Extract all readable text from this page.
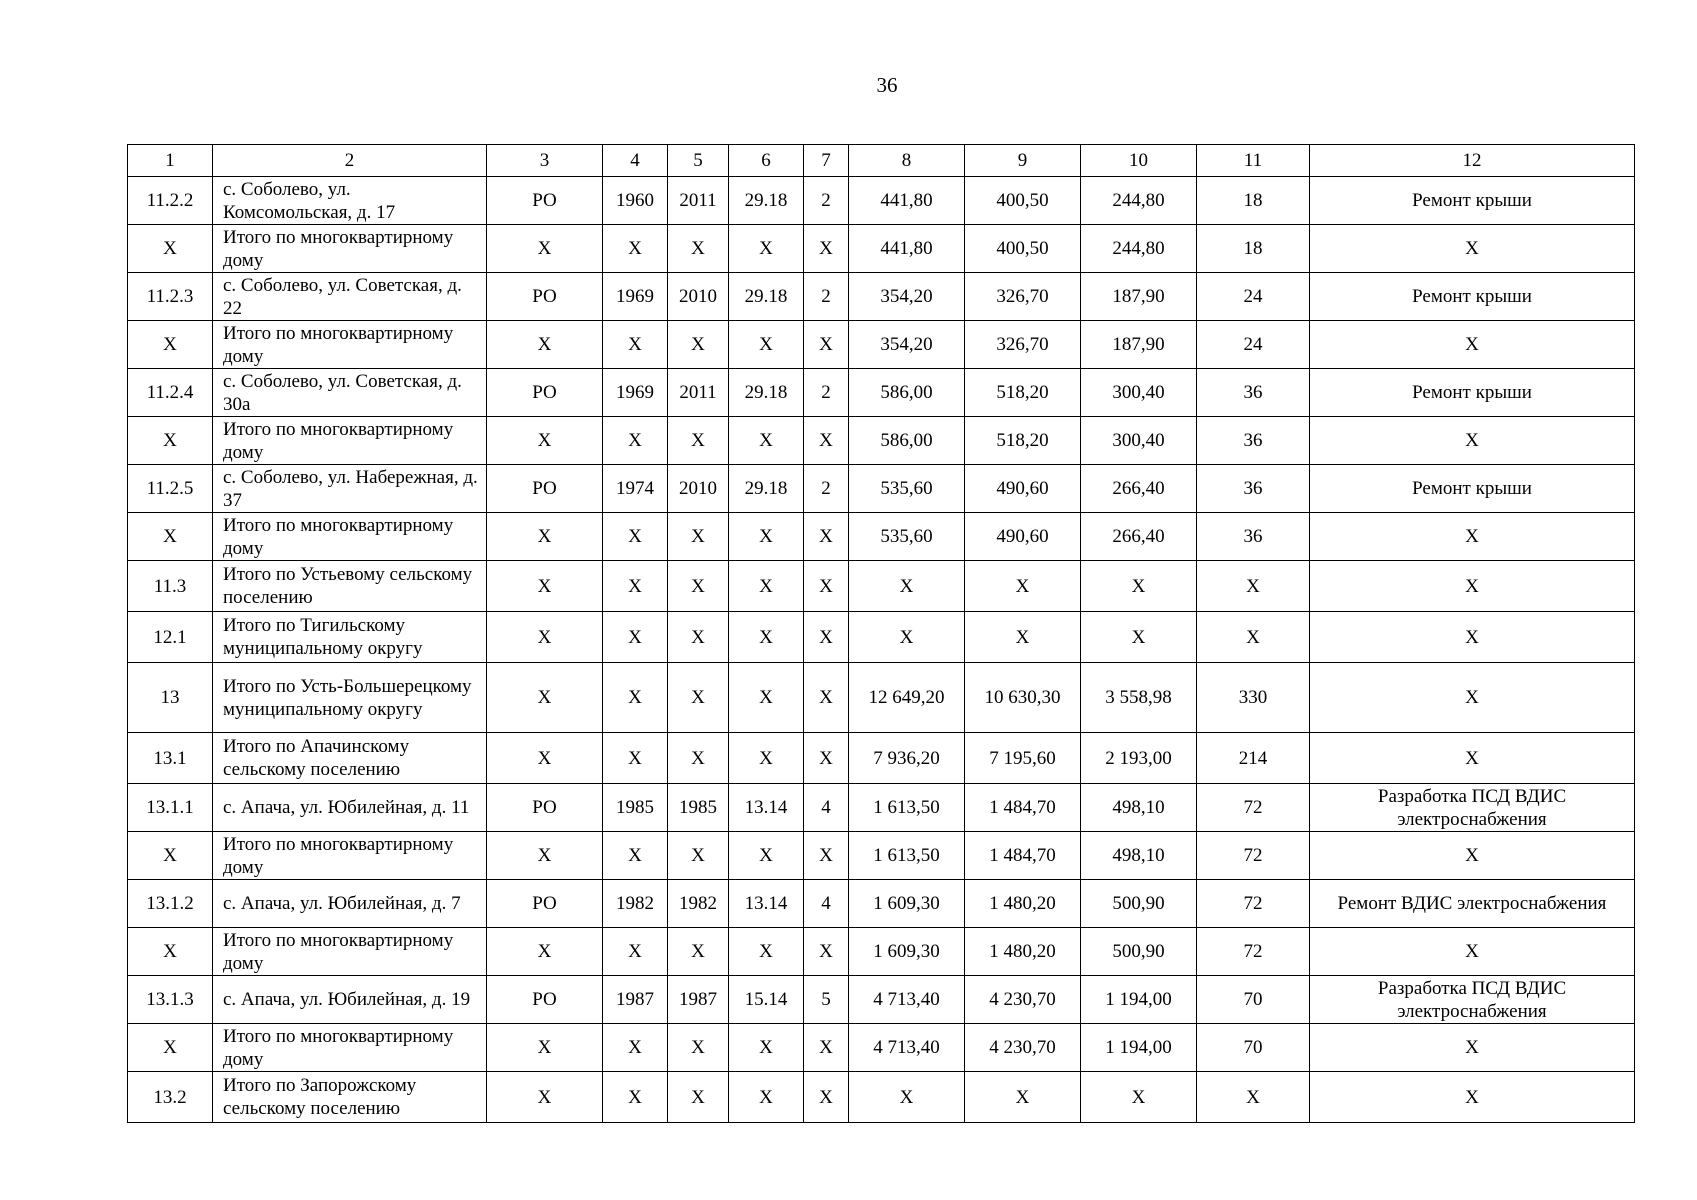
36
1	2	3	4	5	6	7	8	9	10	11	12
11.2.2	с. Соболево, ул. Комсомольская, д. 17	РО	1960	2011	29.18	2	441,80	400,50	244,80	18	Ремонт крыши
Х	Итого по многоквартирному дому	Х	Х	Х	Х	Х	441,80	400,50	244,80	18	Х
11.2.3	с. Соболево, ул. Советская, д. 22	РО	1969	2010	29.18	2	354,20	326,70	187,90	24	Ремонт крыши
Х	Итого по многоквартирному дому	Х	Х	Х	Х	Х	354,20	326,70	187,90	24	Х
11.2.4	с. Соболево, ул. Советская, д. 30а	РО	1969	2011	29.18	2	586,00	518,20	300,40	36	Ремонт крыши
Х	Итого по многоквартирному дому	Х	Х	Х	Х	Х	586,00	518,20	300,40	36	Х
11.2.5	с. Соболево, ул. Набережная, д. 37	РО	1974	2010	29.18	2	535,60	490,60	266,40	36	Ремонт крыши
Х	Итого по многоквартирному дому	Х	Х	Х	Х	Х	535,60	490,60	266,40	36	Х
11.3	Итого по Устьевому сельскому поселению	Х	Х	Х	Х	Х	Х	Х	Х	Х	Х
12.1	Итого по Тигильскому муниципальному округу	Х	Х	Х	Х	Х	Х	Х	Х	Х	Х
13	Итого по Усть-Большерецкому муниципальному округу	Х	Х	Х	Х	Х	12 649,20	10 630,30	3 558,98	330	Х
13.1	Итого по Апачинскому сельскому поселению	Х	Х	Х	Х	Х	7 936,20	7 195,60	2 193,00	214	Х
13.1.1	с. Апача, ул. Юбилейная, д. 11	РО	1985	1985	13.14	4	1 613,50	1 484,70	498,10	72	Разработка ПСД ВДИС электроснабжения
Х	Итого по многоквартирному дому	Х	Х	Х	Х	Х	1 613,50	1 484,70	498,10	72	Х
13.1.2	с. Апача, ул. Юбилейная, д. 7	РО	1982	1982	13.14	4	1 609,30	1 480,20	500,90	72	Ремонт ВДИС электроснабжения
Х	Итого по многоквартирному дому	Х	Х	Х	Х	Х	1 609,30	1 480,20	500,90	72	Х
13.1.3	с. Апача, ул. Юбилейная, д. 19	РО	1987	1987	15.14	5	4 713,40	4 230,70	1 194,00	70	Разработка ПСД ВДИС электроснабжения
Х	Итого по многоквартирному дому	Х	Х	Х	Х	Х	4 713,40	4 230,70	1 194,00	70	Х
13.2	Итого по Запорожскому сельскому поселению	Х	Х	Х	Х	Х	Х	Х	Х	Х	Х
